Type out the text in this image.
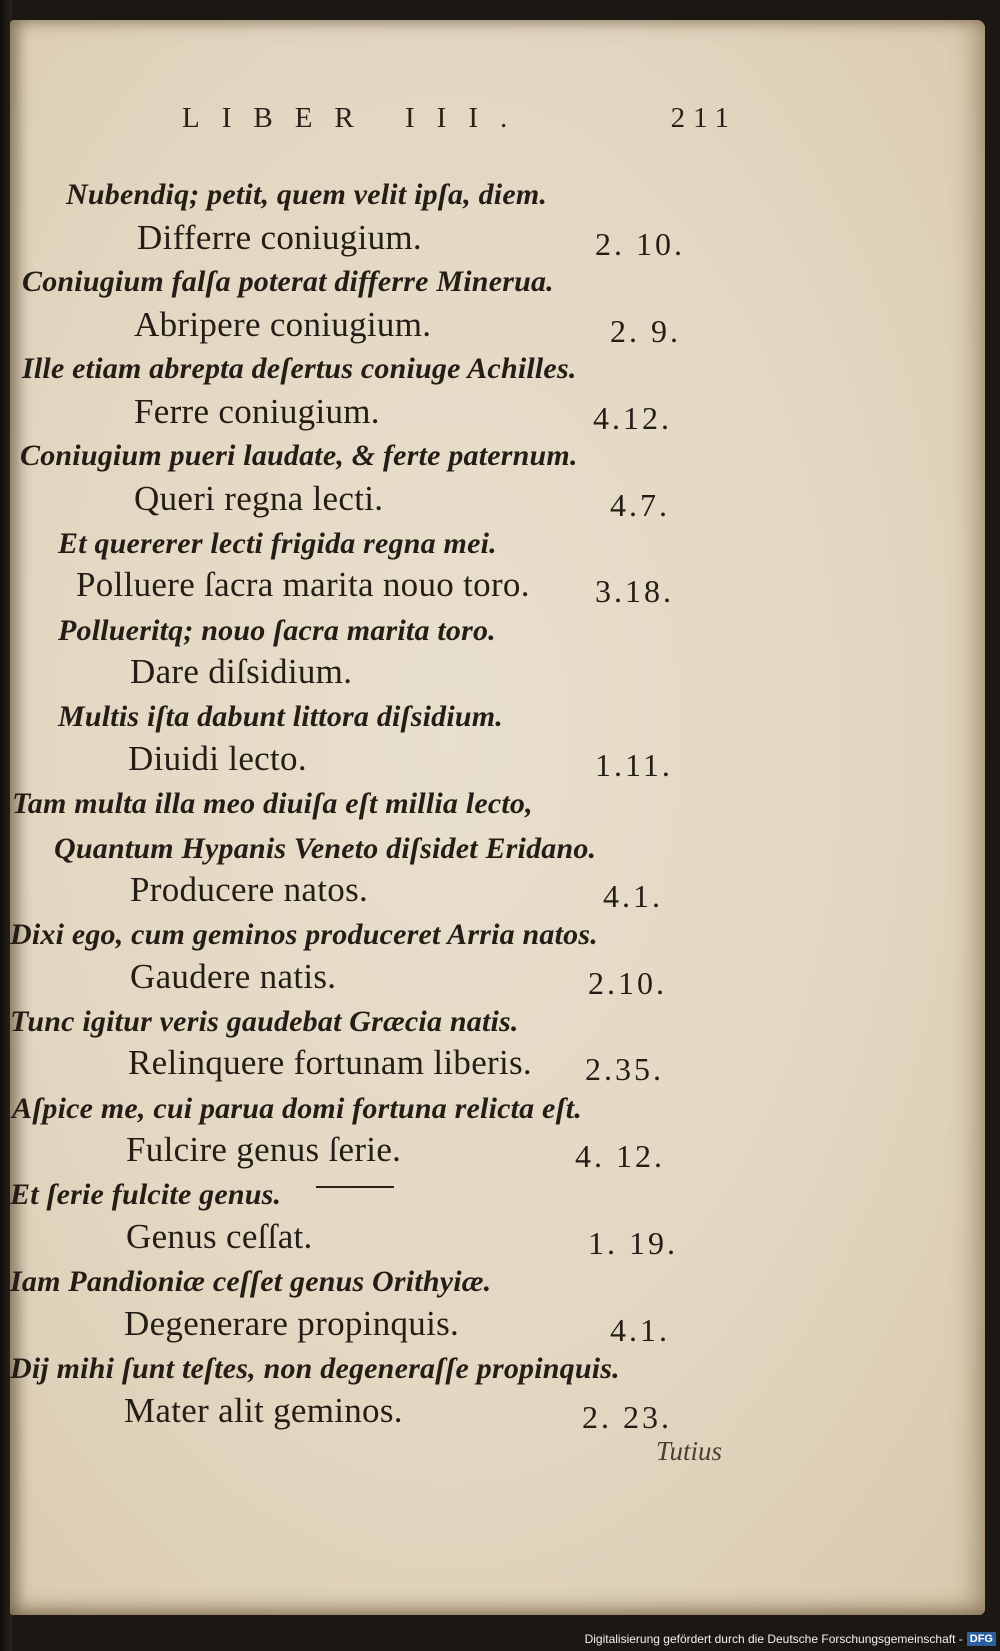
LIBER III.	211
Nubendiq; petit, quem velit ipſa, diem.
Differre coniugium.	2. 10.
Coniugium falſa poterat differre Minerua.
Abripere coniugium.	2. 9.
Ille etiam abrepta deſertus coniuge Achilles.
Ferre coniugium.	4.12.
Coniugium pueri laudate, & ferte paternum.
Queri regna lecti.	4.7.
Et quererer lecti frigida regna mei.
Polluere ſacra marita nouo toro. 3.18.
Pollueritq; nouo ſacra marita toro.
Dare diſsidium.
Multis iſta dabunt littora diſsidium.
Diuidi lecto.	1.11.
Tam multa illa meo diuiſa eſt millia lecto,
Quantum Hypanis Veneto diſsidet Eridano.
Producere natos.	4.1.
Dixi ego, cum geminos produceret Arria natos.
Gaudere natis.	2.10.
Tunc igitur veris gaudebat Græcia natis.
Relinquere fortunam liberis. 2.35.
Aſpice me, cui parua domi fortuna relicta eſt.
Fulcire genus ſerie.	4. 12.
Et ſerie fulcite genus.
Genus ceſſat.	1. 19.
Iam Pandioniæ ceſſet genus Orithyiæ.
Degenerare propinquis.	4.1.
Dij mihi ſunt teſtes, non degeneraſſe propinquis.
Mater alit geminos.	2. 23.
Tutius
Digitalisierung gefördert durch die Deutsche Forschungsgemeinschaft - DFG
